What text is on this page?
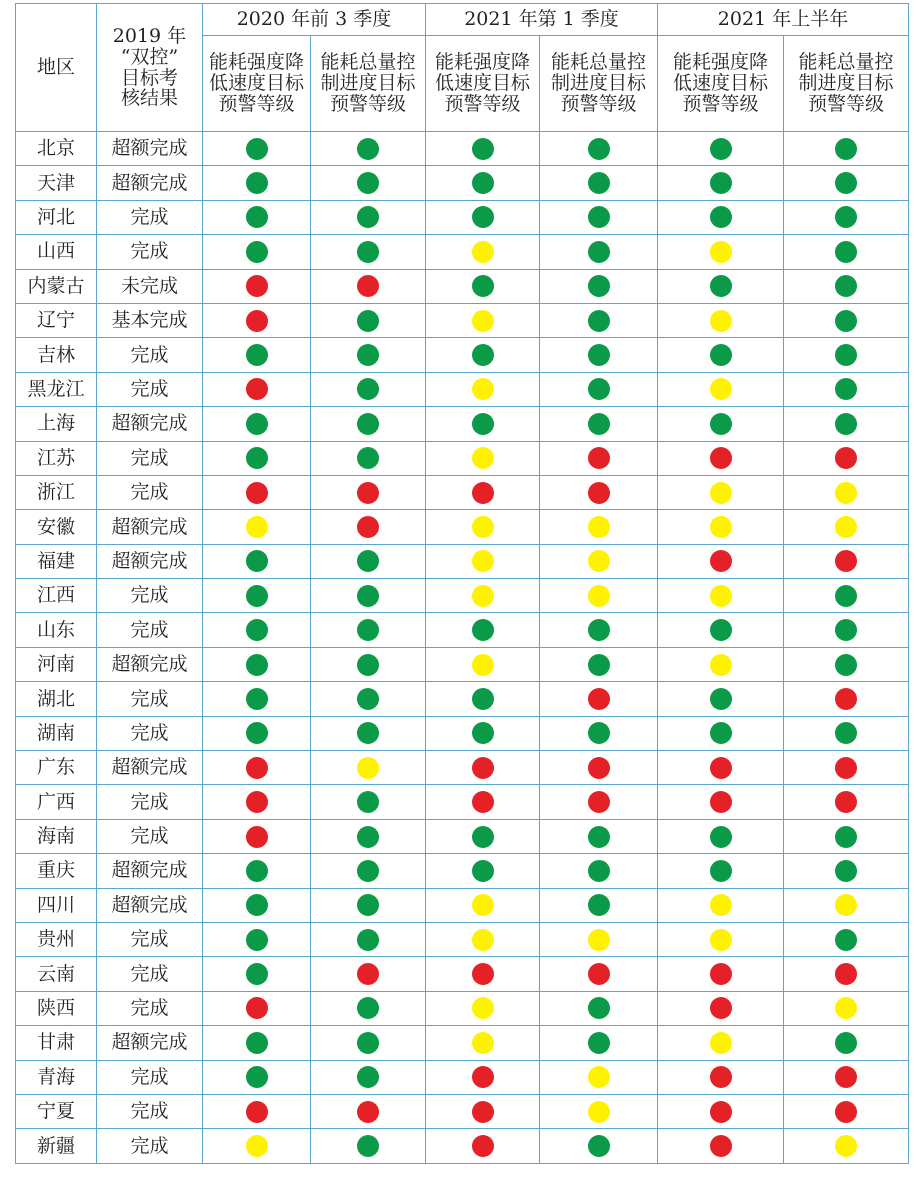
地区	2019 年
“双控”
目标考
核结果	2020 年前 3 季度		2021 年第 1 季度		2021 年上半年	

		能耗强度降
低速度目标
预警等级	能耗总量控
制进度目标
预警等级	能耗强度降
低速度目标
预警等级	能耗总量控
制进度目标
预警等级	能耗强度降
低速度目标
预警等级	能耗总量控
制进度目标
预警等级

北京	超额完成						
天津	超额完成						
河北	完成						
山西	完成						
内蒙古	未完成						
辽宁	基本完成						
吉林	完成						
黑龙江	完成						
上海	超额完成						
江苏	完成						
浙江	完成						
安徽	超额完成						
福建	超额完成						
江西	完成						
山东	完成						
河南	超额完成						
湖北	完成						
湖南	完成						
广东	超额完成						
广西	完成						
海南	完成						
重庆	超额完成						
四川	超额完成						
贵州	完成						
云南	完成						
陕西	完成						
甘肃	超额完成						
青海	完成						
宁夏	完成						
新疆	完成						
